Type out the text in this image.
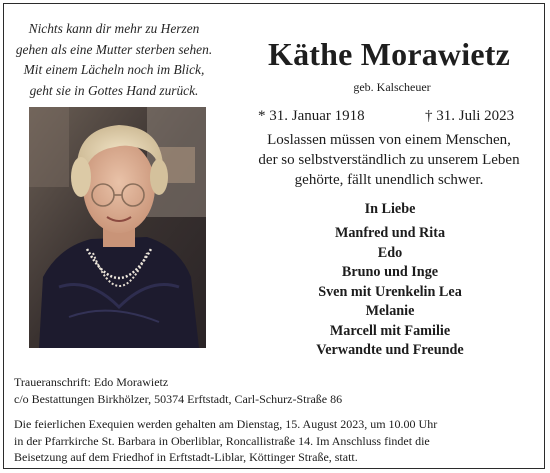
Nichts kann dir mehr zu Herzen
gehen als eine Mutter sterben sehen.
Mit einem Lächeln noch im Blick,
geht sie in Gottes Hand zurück.
Käthe Morawietz
geb. Kalscheuer
* 31. Januar 1918	† 31. Juli 2023
Loslassen müssen von einem Menschen,
der so selbstverständlich zu unserem Leben
gehörte, fällt unendlich schwer.
In Liebe
Manfred und Rita
Edo
Bruno und Inge
Sven mit Urenkelin Lea
Melanie
Marcell mit Familie
Verwandte und Freunde
Traueranschrift: Edo Morawietz
c/o Bestattungen Birkhölzer, 50374 Erftstadt, Carl-Schurz-Straße 86
Die feierlichen Exequien werden gehalten am Dienstag, 15. August 2023, um 10.00 Uhr
in der Pfarrkirche St. Barbara in Oberliblar, Roncallistraße 14. Im Anschluss findet die
Beisetzung auf dem Friedhof in Erftstadt-Liblar, Köttinger Straße, statt.
